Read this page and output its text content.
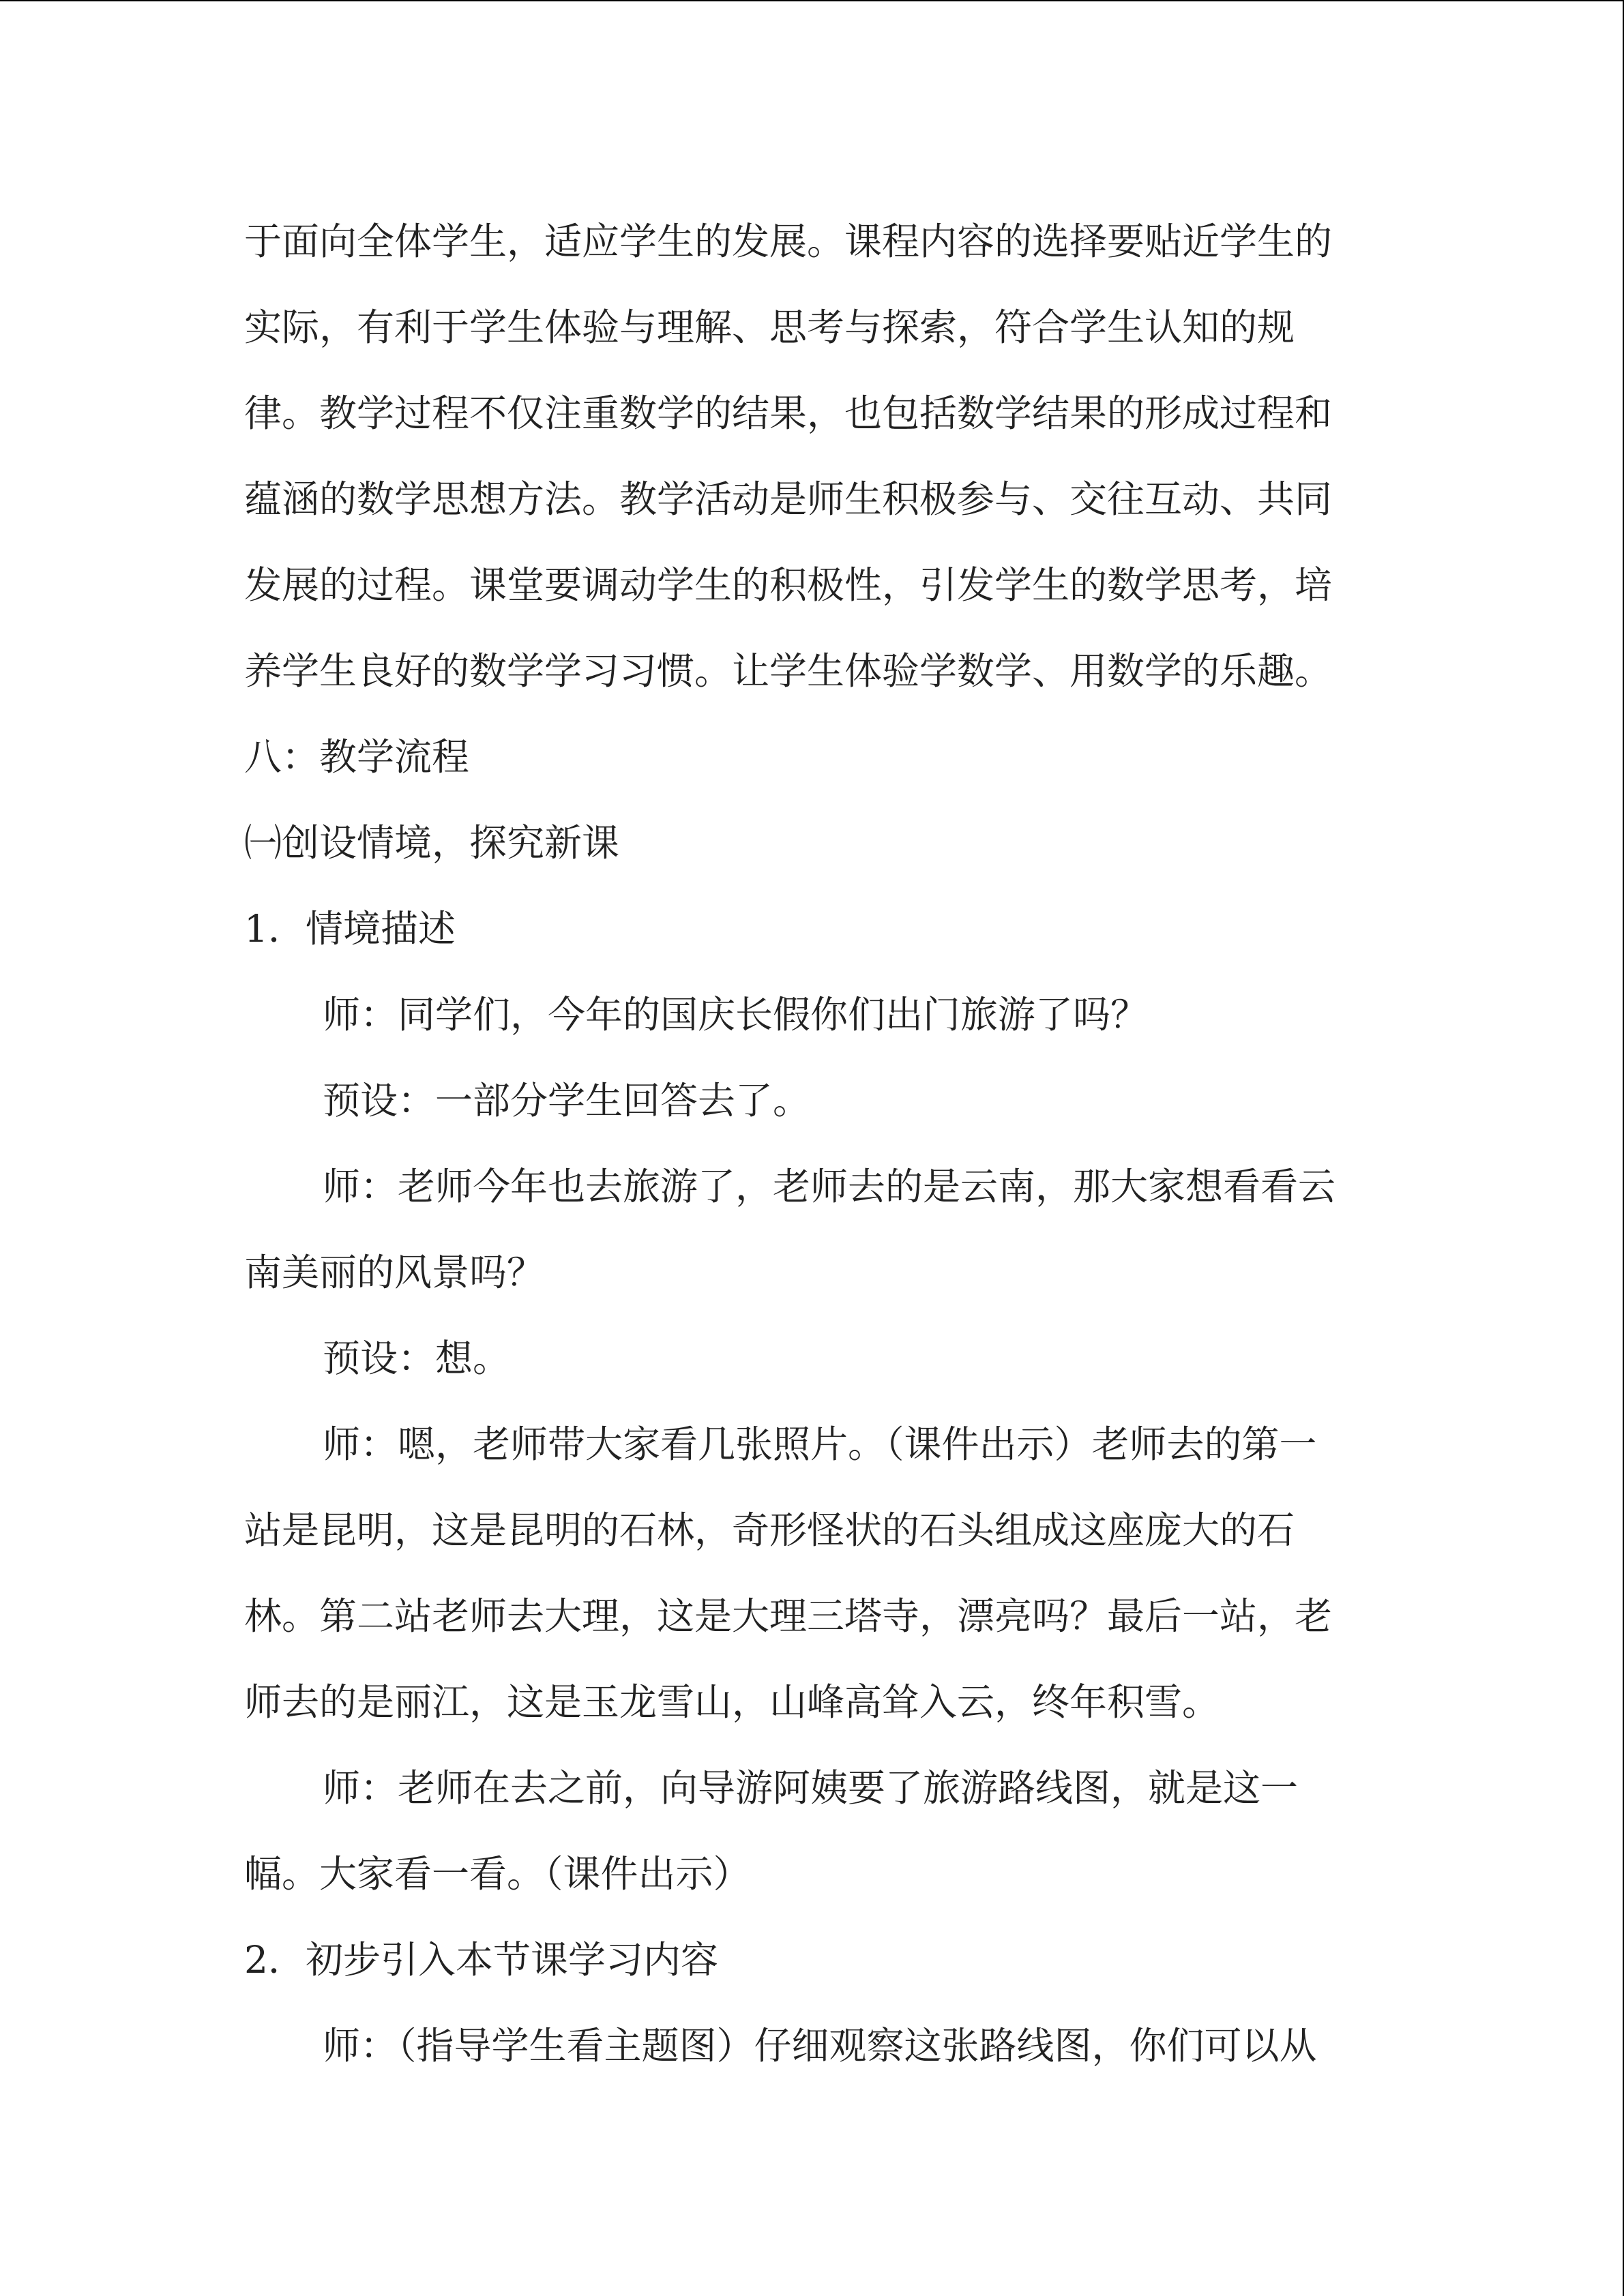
于面向全体学生，适应学生的发展。课程内容的选择要贴近学生的
实际，有利于学生体验与理解、思考与探索，符合学生认知的规
律。教学过程不仅注重数学的结果，也包括数学结果的形成过程和
蕴涵的数学思想方法。教学活动是师生积极参与、交往互动、共同
发展的过程。课堂要调动学生的积极性，引发学生的数学思考，培
养学生良好的数学学习习惯。让学生体验学数学、用数学的乐趣。
八：教学流程
㈠创设情境，探究新课
1．情境描述
师：同学们，今年的国庆长假你们出门旅游了吗？
预设：一部分学生回答去了。
师：老师今年也去旅游了，老师去的是云南，那大家想看看云
南美丽的风景吗？
预设：想。
师：嗯，老师带大家看几张照片。（课件出示）老师去的第一
站是昆明，这是昆明的石林，奇形怪状的石头组成这座庞大的石
林。第二站老师去大理，这是大理三塔寺，漂亮吗？最后一站，老
师去的是丽江，这是玉龙雪山，山峰高耸入云，终年积雪。
师：老师在去之前，向导游阿姨要了旅游路线图，就是这一
幅。大家看一看。（课件出示）
2．初步引入本节课学习内容
师：（指导学生看主题图）仔细观察这张路线图，你们可以从
